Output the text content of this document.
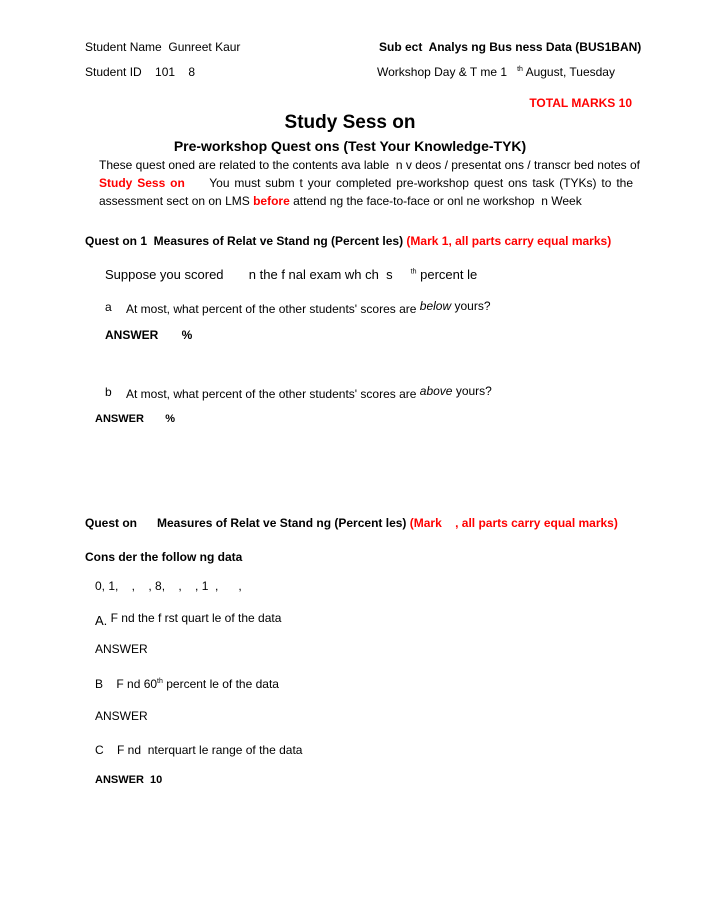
Student Name  Gunreet Kaur	Sub ect  Analys ng Bus ness Data (BUS1BAN)
Student ID    101    8	Workshop Day & T me 1   $^{th}$ August, Tuesday
TOTAL MARKS 10
Study Sess on
Pre-workshop Quest ons (Test Your Knowledge-TYK)
These quest oned are related to the contents ava lable  n v deos / presentat ons / transcr bed notes of
Study Sess on You must subm t your completed pre-workshop quest ons task (TYKs) to the
assessment sect on on LMS before attend ng the face-to-face or onl ne workshop  n Week
Quest on 1  Measures of Relat ve Stand ng (Percent les) (Mark 1, all parts carry equal marks)
Suppose you scored       n the f nal exam wh ch  s     $^{th}$ percent le
a At most, what percent of the other students' scores are below yours?
ANSWER       %
b At most, what percent of the other students' scores are above yours?
ANSWER       %
Quest on      Measures of Relat ve Stand ng (Percent les) (Mark    , all parts carry equal marks)
Cons der the follow ng data
0, 1,    ,    , 8,    ,    , 1  ,      ,
A. F nd the f rst quart le of the data
ANSWER
B    F nd 60th percent le of the data
ANSWER
C    F nd  nterquart le range of the data
ANSWER  10
